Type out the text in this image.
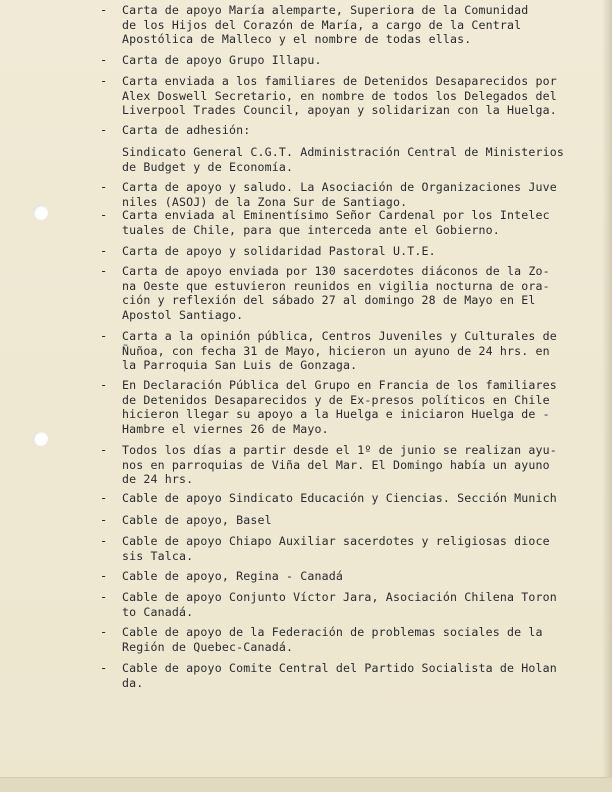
- Carta de apoyo María alemparte, Superiora de la Comunidad
de los Hijos del Corazón de María, a cargo de la Central
Apostólica de Malleco y el nombre de todas ellas.
- Carta de apoyo Grupo Illapu.
- Carta enviada a los familiares de Detenidos Desaparecidos por
Alex Doswell Secretario, en nombre de todos los Delegados del
Liverpool Trades Council, apoyan y solidarizan con la Huelga.
- Carta de adhesión:
Sindicato General C.G.T. Administración Central de Ministerios
de Budget y de Economía.
- Carta de apoyo y saludo. La Asociación de Organizaciones Juve
niles (ASOJ) de la Zona Sur de Santiago.
- Carta enviada al Eminentísimo Señor Cardenal por los Intelec
tuales de Chile, para que interceda ante el Gobierno.
- Carta de apoyo y solidaridad Pastoral U.T.E.
- Carta de apoyo enviada por 130 sacerdotes diáconos de la Zo-
na Oeste que estuvieron reunidos en vigilia nocturna de ora-
ción y reflexión del sábado 27 al domingo 28 de Mayo en El
Apostol Santiago.
- Carta a la opinión pública, Centros Juveniles y Culturales de
Ñuñoa, con fecha 31 de Mayo, hicieron un ayuno de 24 hrs. en
la Parroquia San Luis de Gonzaga.
- En Declaración Pública del Grupo en Francia de los familiares
de Detenidos Desaparecidos y de Ex-presos políticos en Chile
hicieron llegar su apoyo a la Huelga e iniciaron Huelga de -
Hambre el viernes 26 de Mayo.
- Todos los días a partir desde el 1º de junio se realizan ayu-
nos en parroquias de Viña del Mar. El Domingo había un ayuno
de 24 hrs.
- Cable de apoyo Sindicato Educación y Ciencias. Sección Munich
- Cable de apoyo, Basel
- Cable de apoyo Chiapo Auxiliar sacerdotes y religiosas dioce
sis Talca.
- Cable de apoyo, Regina - Canadá
- Cable de apoyo Conjunto Víctor Jara, Asociación Chilena Toron
to Canadá.
- Cable de apoyo de la Federación de problemas sociales de la
Región de Quebec-Canadá.
- Cable de apoyo Comite Central del Partido Socialista de Holan
da.
